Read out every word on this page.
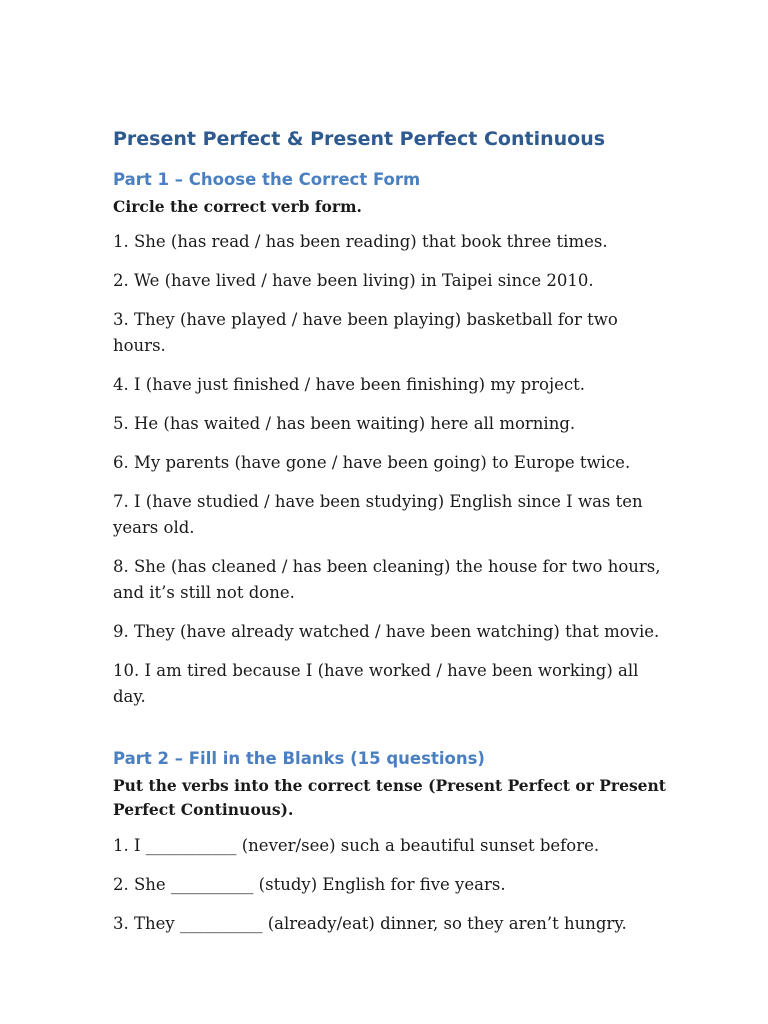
Present Perfect & Present Perfect Continuous
Part 1 – Choose the Correct Form

Circle the correct verb form.

1. She (has read / has been reading) that book three times.
2. We (have lived / have been living) in Taipei since 2010.
3. They (have played / have been playing) basketball for two hours.
4. I (have just finished / have been finishing) my project.
5. He (has waited / has been waiting) here all morning.
6. My parents (have gone / have been going) to Europe twice.
7. I (have studied / have been studying) English since I was ten years old.
8. She (has cleaned / has been cleaning) the house for two hours, and it’s still not done.
9. They (have already watched / have been watching) that movie.
10. I am tired because I (have worked / have been working) all day.
Part 2 – Fill in the Blanks (15 questions)

Put the verbs into the correct tense (Present Perfect or Present Perfect Continuous).

1. I ___________ (never/see) such a beautiful sunset before.
2. She __________ (study) English for five years.
3. They __________ (already/eat) dinner, so they aren’t hungry.
